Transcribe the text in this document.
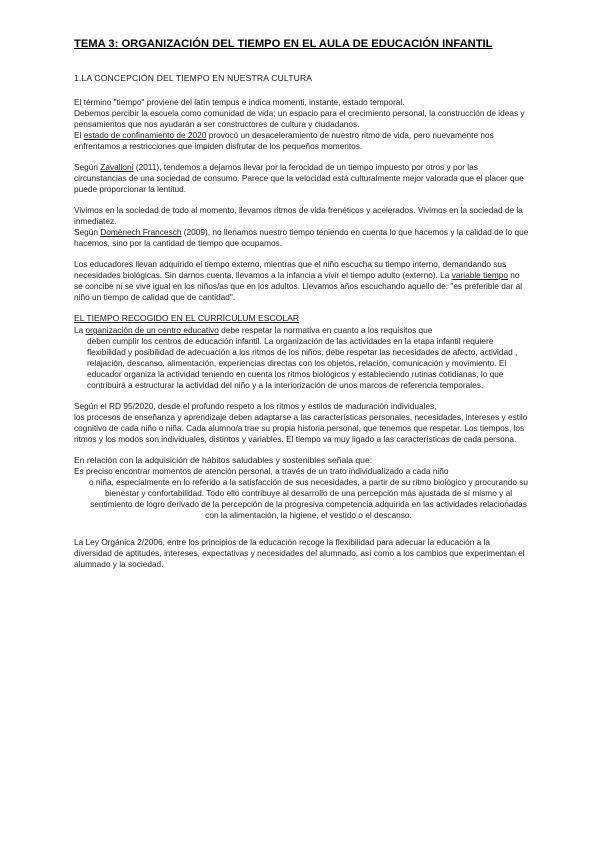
TEMA 3: ORGANIZACIÓN DEL TIEMPO EN EL AULA DE EDUCACIÓN INFANTIL
1.LA CONCEPCIÓN DEL TIEMPO EN NUESTRA CULTURA
El término "tiempo" proviene del latín tempus e indica momenti, instante, estado temporal.
Debemos percibir la escuela como comunidad de vida; un espacio para el crecimiento personal, la construcción de ideas y pensamientos que nos ayudarán a ser constructores de cultura y ciudadanos.
El estado de confinamiento de 2020 provocó un desaceleramiento de nuestro ritmo de vida, pero nuevamente nos enfrentamos a restricciones que impiden disfrutar de los pequeños momentos.
Según Zavalloni (2011), tendemos a dejarnos llevar por la ferocidad de un tiempo impuesto por otros y por las circunstancias de una sociedad de consumo. Parece que la velocidad está culturalmente mejor valorada que el placer que puede proporcionar la lentitud.
Vivimos en la sociedad de todo al momento, llevamos ritmos de vida frenéticos y acelerados. Vivimos en la sociedad de la inmediatez.
Según Domènech Francesch (2009), no llenamos nuestro tiempo teniendo en cuenta lo que hacemos y la calidad de lo que hacemos, sino por la cantidad de tiempo que ocupamos.
Los educadores llevan adquirido el tiempo externo, mientras que el niño escucha su tiempo interno, demandando sus necesidades biológicas. Sin darnos cuenta, llevamos a la infancia a vivir el tiempo adulto (externo). La variable tiempo no se concibe ni se vive igual en los niños/as que en los adultos. Llevamos años escuchando aquello de: "es preferible dar al niño un tiempo de calidad que de cantidad".
EL TIEMPO RECOGIDO EN EL CURRÍCULUM ESCOLAR
La organización de un centro educativo debe respetar la normativa en cuanto a los requisitos que
deben cumplir los centros de educación infantil. La organización de las actividades en la etapa infantil requiere flexibilidad y posibilidad de adecuación a los ritmos de los niños, debe respetar las necesidades de afecto, actividad , relajación, descanso, alimentación, experiencias directas con los objetos, relación, comunicación y movimiento. El educador organiza la actividad teniendo en cuenta los ritmos biológicos y estableciendo rutinas cotidianas, lo que contribuirá a estructurar la actividad del niño y a la interiorización de unos marcos de referencia temporales.
Según el RD 95/2020, desde el profundo respeto a los ritmos y estilos de maduración individuales,
los procesos de enseñanza y aprendizaje deben adaptarse a las características personales, necesidades, intereses y estilo cognitivo de cada niño o niña. Cada alumno/a trae su propia historia personal, que tenemos que respetar. Los tiempos, los ritmos y los modos son individuales, distintos y variables. El tiempo va muy ligado a las características de cada persona.
En relación con la adquisición de hábitos saludables y sostenibles señala que:
Es preciso encontrar momentos de atención personal, a través de un trato individualizado a cada niño
o niña, especialmente en lo referido a la satisfacción de sus necesidades, a partir de su ritmo biológico y procurando su bienestar y confortabilidad. Todo ello contribuye al desarrollo de una percepción más ajustada de sí mismo y al sentimiento de logro derivado de la percepción de la progresiva competencia adquirida en las actividades relacionadas con la alimentación, la higiene, el vestido o el descanso.
La Ley Orgánica 2/2006, entre los principios de la educación recoge la flexibilidad para adecuar la educación a la diversidad de aptitudes, intereses, expectativas y necesidades del alumnado, así como a los cambios que experimentan el alumnado y la sociedad.
